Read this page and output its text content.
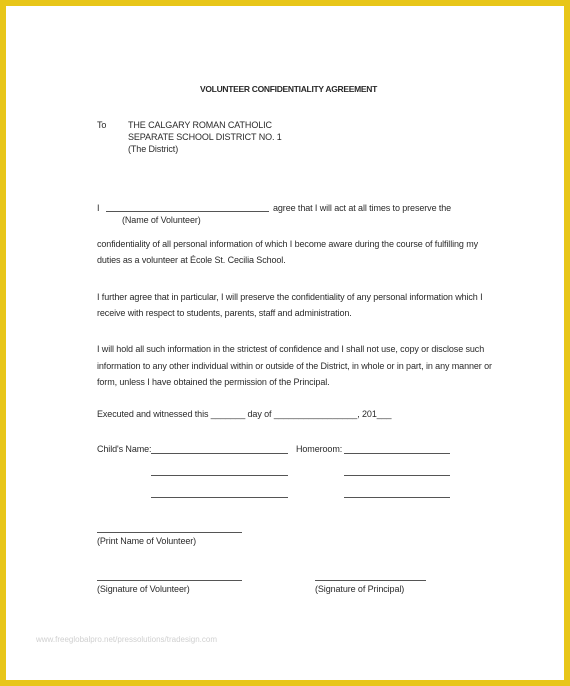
VOLUNTEER CONFIDENTIALITY AGREEMENT
To THE CALGARY ROMAN CATHOLIC
SEPARATE SCHOOL DISTRICT NO. 1
(The District)
I	agree that I will act at all times to preserve the
(Name of Volunteer)
confidentiality of all personal information of which I become aware during the course of fulfilling my
duties as a volunteer at École St. Cecilia School.
I further agree that in particular, I will preserve the confidentiality of any personal information which I
receive with respect to students, parents, staff and administration.
I will hold all such information in the strictest of confidence and I shall not use, copy or disclose such
information to any other individual within or outside of the District, in whole or in part, in any manner or
form, unless I have obtained the permission of the Principal.
Executed and witnessed this _______ day of _________________, 201___
Child's Name:	Homeroom:
(Print Name of Volunteer)
(Signature of Volunteer)	(Signature of Principal)
www.freeglobalpro.net/pressolutions/tradesign.com
